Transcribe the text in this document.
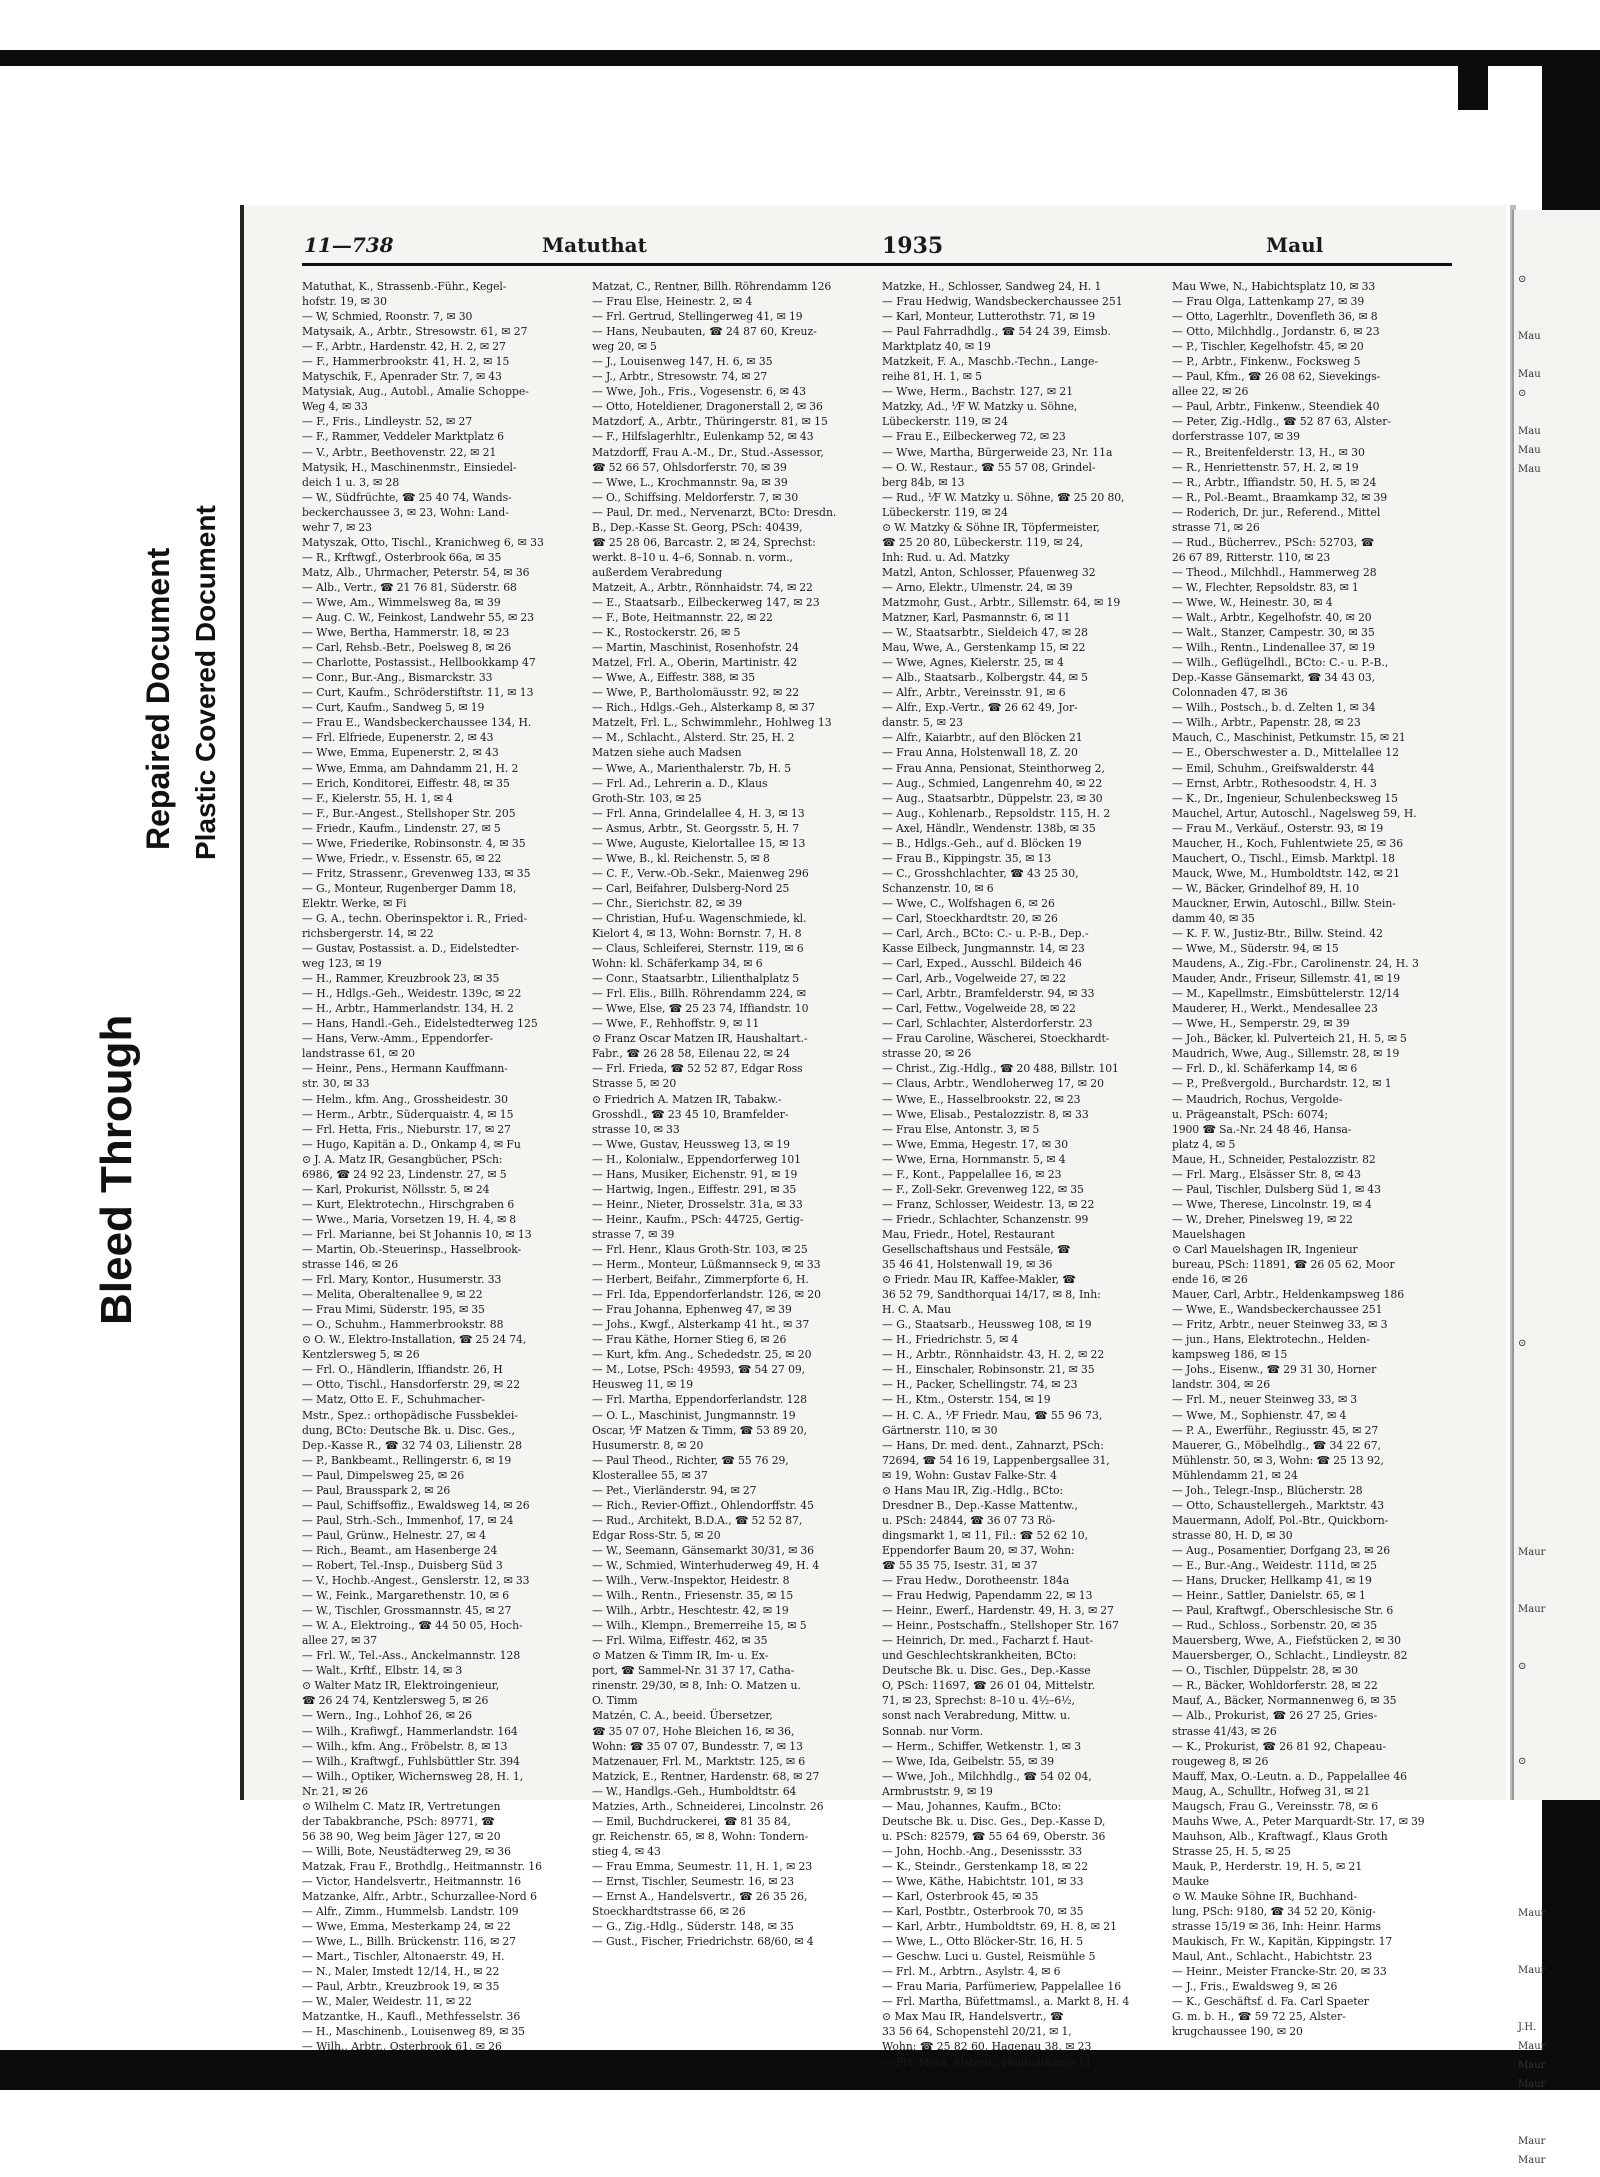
Bleed Through
Repaired Document Plastic Covered Document
11—738	Matuthat	1935	Maul
Matuthat, K., Strassenb.-Führ., Kegel-
hofstr. 19, ✉ 30
— W, Schmied, Roonstr. 7, ✉ 30
Matysaik, A., Arbtr., Stresowstr. 61, ✉ 27
— F., Arbtr., Hardenstr. 42, H. 2, ✉ 27
— F., Hammerbrookstr. 41, H. 2, ✉ 15
Matyschik, F., Apenrader Str. 7, ✉ 43
Matysiak, Aug., Autobl., Amalie Schoppe-
Weg 4, ✉ 33
— F., Fris., Lindleystr. 52, ✉ 27
— F., Rammer, Veddeler Marktplatz 6
— V., Arbtr., Beethovenstr. 22, ✉ 21
Matysik, H., Maschinenmstr., Einsiedel-
deich 1 u. 3, ✉ 28
— W., Südfrüchte, ☎ 25 40 74, Wands-
beckerchaussee 3, ✉ 23, Wohn: Land-
wehr 7, ✉ 23
Matyszak, Otto, Tischl., Kranichweg 6, ✉ 33
— R., Krftwgf., Osterbrook 66a, ✉ 35
Matz, Alb., Uhrmacher, Peterstr. 54, ✉ 36
— Alb., Vertr., ☎ 21 76 81, Süderstr. 68
— Wwe, Am., Wimmelsweg 8a, ✉ 39
— Aug. C. W., Feinkost, Landwehr 55, ✉ 23
— Wwe, Bertha, Hammerstr. 18, ✉ 23
— Carl, Rehsb.-Betr., Poelsweg 8, ✉ 26
— Charlotte, Postassist., Hellbookkamp 47
— Conr., Bur.-Ang., Bismarckstr. 33
— Curt, Kaufm., Schröderstiftstr. 11, ✉ 13
— Curt, Kaufm., Sandweg 5, ✉ 19
— Frau E., Wandsbeckerchaussee 134, H.
— Frl. Elfriede, Eupenerstr. 2, ✉ 43
— Wwe, Emma, Eupenerstr. 2, ✉ 43
— Wwe, Emma, am Dahndamm 21, H. 2
— Erich, Konditorei, Eiffestr. 48, ✉ 35
— F., Kielerstr. 55, H. 1, ✉ 4
— F., Bur.-Angest., Stellshoper Str. 205
— Friedr., Kaufm., Lindenstr. 27, ✉ 5
— Wwe, Friederike, Robinsonstr. 4, ✉ 35
— Wwe, Friedr., v. Essenstr. 65, ✉ 22
— Fritz, Strassenr., Grevenweg 133, ✉ 35
— G., Monteur, Rugenberger Damm 18,
Elektr. Werke, ✉ Fi
— G. A., techn. Oberinspektor i. R., Fried-
richsbergerstr. 14, ✉ 22
— Gustav, Postassist. a. D., Eidelstedter-
weg 123, ✉ 19
— H., Rammer, Kreuzbrook 23, ✉ 35
— H., Hdlgs.-Geh., Weidestr. 139c, ✉ 22
— H., Arbtr., Hammerlandstr. 134, H. 2
— Hans, Handl.-Geh., Eidelstedterweg 125
— Hans, Verw.-Amm., Eppendorfer-
landstrasse 61, ✉ 20
— Heinr., Pens., Hermann Kauffmann-
str. 30, ✉ 33
— Helm., kfm. Ang., Grossheidestr. 30
— Herm., Arbtr., Süderquaistr. 4, ✉ 15
— Frl. Hetta, Fris., Nieburstr. 17, ✉ 27
— Hugo, Kapitän a. D., Onkamp 4, ✉ Fu
⊙ J. A. Matz IR, Gesangbücher, PSch:
6986, ☎ 24 92 23, Lindenstr. 27, ✉ 5
— Karl, Prokurist, Nöllsstr. 5, ✉ 24
— Kurt, Elektrotechn., Hirschgraben 6
— Wwe., Maria, Vorsetzen 19, H. 4, ✉ 8
— Frl. Marianne, bei St Johannis 10, ✉ 13
— Martin, Ob.-Steuerinsp., Hasselbrook-
strasse 146, ✉ 26
— Frl. Mary, Kontor., Husumerstr. 33
— Melita, Oberaltenallee 9, ✉ 22
— Frau Mimi, Süderstr. 195, ✉ 35
— O., Schuhm., Hammerbrookstr. 88
⊙ O. W., Elektro-Installation, ☎ 25 24 74,
Kentzlersweg 5, ✉ 26
— Frl. O., Händlerin, Iffiandstr. 26, H
— Otto, Tischl., Hansdorferstr. 29, ✉ 22
— Matz, Otto E. F., Schuhmacher-
Mstr., Spez.: orthopädische Fussbeklei-
dung, BCto: Deutsche Bk. u. Disc. Ges.,
Dep.-Kasse R., ☎ 32 74 03, Lilienstr. 28
— P., Bankbeamt., Rellingerstr. 6, ✉ 19
— Paul, Dimpelsweg 25, ✉ 26
— Paul, Brausspark 2, ✉ 26
— Paul, Schiffsoffiz., Ewaldsweg 14, ✉ 26
— Paul, Strh.-Sch., Immenhof, 17, ✉ 24
— Paul, Grünw., Helnestr. 27, ✉ 4
— Rich., Beamt., am Hasenberge 24
— Robert, Tel.-Insp., Duisberg Süd 3
— V., Hochb.-Angest., Genslerstr. 12, ✉ 33
— W., Feink., Margarethenstr. 10, ✉ 6
— W., Tischler, Grossmannstr. 45, ✉ 27
— W. A., Elektroing., ☎ 44 50 05, Hoch-
allee 27, ✉ 37
— Frl. W., Tel.-Ass., Anckelmannstr. 128
— Walt., Krftf., Elbstr. 14, ✉ 3
⊙ Walter Matz IR, Elektroingenieur,
☎ 26 24 74, Kentzlersweg 5, ✉ 26
— Wern., Ing., Lohhof 26, ✉ 26
— Wilh., Krafiwgf., Hammerlandstr. 164
— Wilh., kfm. Ang., Fröbelstr. 8, ✉ 13
— Wilh., Kraftwgf., Fuhlsbüttler Str. 394
— Wilh., Optiker, Wichernsweg 28, H. 1,
Nr. 21, ✉ 26
⊙ Wilhelm C. Matz IR, Vertretungen
der Tabakbranche, PSch: 89771, ☎
56 38 90, Weg beim Jäger 127, ✉ 20
— Willi, Bote, Neustädterweg 29, ✉ 36
Matzak, Frau F., Brothdlg., Heitmannstr. 16
— Victor, Handelsvertr., Heitmannstr. 16
Matzanke, Alfr., Arbtr., Schurzallee-Nord 6
— Alfr., Zimm., Hummelsb. Landstr. 109
— Wwe, Emma, Mesterkamp 24, ✉ 22
— Wwe, L., Billh. Brückenstr. 116, ✉ 27
— Mart., Tischler, Altonaerstr. 49, H.
— N., Maler, Imstedt 12/14, H., ✉ 22
— Paul, Arbtr., Kreuzbrook 19, ✉ 35
— W., Maler, Weidestr. 11, ✉ 22
Matzantke, H., Kaufl., Methfesselstr. 36
— H., Maschinenb., Louisenweg 89, ✉ 35
— Wilh., Arbtr., Osterbrook 61, ✉ 26
Matzat, C., Rentner, Billh. Röhrendamm 126
— Frau Else, Heinestr. 2, ✉ 4
— Frl. Gertrud, Stellingerweg 41, ✉ 19
— Hans, Neubauten, ☎ 24 87 60, Kreuz-
weg 20, ✉ 5
— J., Louisenweg 147, H. 6, ✉ 35
— J., Arbtr., Stresowstr. 74, ✉ 27
— Wwe, Joh., Fris., Vogesenstr. 6, ✉ 43
— Otto, Hoteldiener, Dragonerstall 2, ✉ 36
Matzdorf, A., Arbtr., Thüringerstr. 81, ✉ 15
— F., Hilfslagerhltr., Eulenkamp 52, ✉ 43
Matzdorff, Frau A.-M., Dr., Stud.-Assessor,
☎ 52 66 57, Ohlsdorferstr. 70, ✉ 39
— Wwe, L., Krochmannstr. 9a, ✉ 39
— O., Schiffsing. Meldorferstr. 7, ✉ 30
— Paul, Dr. med., Nervenarzt, BCto: Dresdn.
B., Dep.-Kasse St. Georg, PSch: 40439,
☎ 25 28 06, Barcastr. 2, ✉ 24, Sprechst:
werkt. 8–10 u. 4–6, Sonnab. n. vorm.,
außerdem Verabredung
Matzeit, A., Arbtr., Rönnhaidstr. 74, ✉ 22
— E., Staatsarb., Eilbeckerweg 147, ✉ 23
— F., Bote, Heitmannstr. 22, ✉ 22
— K., Rostockerstr. 26, ✉ 5
— Martin, Maschinist, Rosenhofstr. 24
Matzel, Frl. A., Oberin, Martinistr. 42
— Wwe, A., Eiffestr. 388, ✉ 35
— Wwe, P., Bartholomäusstr. 92, ✉ 22
— Rich., Hdlgs.-Geh., Alsterkamp 8, ✉ 37
Matzelt, Frl. L., Schwimmlehr., Hohlweg 13
— M., Schlacht., Alsterd. Str. 25, H. 2
Matzen siehe auch Madsen
— Wwe, A., Marienthalerstr. 7b, H. 5
— Frl. Ad., Lehrerin a. D., Klaus
Groth-Str. 103, ✉ 25
— Frl. Anna, Grindelallee 4, H. 3, ✉ 13
— Asmus, Arbtr., St. Georgsstr. 5, H. 7
— Wwe, Auguste, Kielortallee 15, ✉ 13
— Wwe, B., kl. Reichenstr. 5, ✉ 8
— C. F., Verw.-Ob.-Sekr., Maienweg 296
— Carl, Beifahrer, Dulsberg-Nord 25
— Chr., Sierichstr. 82, ✉ 39
— Christian, Huf-u. Wagenschmiede, kl.
Kielort 4, ✉ 13, Wohn: Bornstr. 7, H. 8
— Claus, Schleiferei, Sternstr. 119, ✉ 6
Wohn: kl. Schäferkamp 34, ✉ 6
— Conr., Staatsarbtr., Lilienthalplatz 5
— Frl. Elis., Billh. Röhrendamm 224, ✉
— Wwe, Else, ☎ 25 23 74, Iffiandstr. 10
— Wwe, F., Rehhoffstr. 9, ✉ 11
⊙ Franz Oscar Matzen IR, Haushaltart.-
Fabr., ☎ 26 28 58, Eilenau 22, ✉ 24
— Frl. Frieda, ☎ 52 52 87, Edgar Ross
Strasse 5, ✉ 20
⊙ Friedrich A. Matzen IR, Tabakw.-
Grosshdl., ☎ 23 45 10, Bramfelder-
strasse 10, ✉ 33
— Wwe, Gustav, Heussweg 13, ✉ 19
— H., Kolonialw., Eppendorferweg 101
— Hans, Musiker, Eichenstr. 91, ✉ 19
— Hartwig, Ingen., Eiffestr. 291, ✉ 35
— Heinr., Nieter, Drosselstr. 31a, ✉ 33
— Heinr., Kaufm., PSch: 44725, Gertig-
strasse 7, ✉ 39
— Frl. Henr., Klaus Groth-Str. 103, ✉ 25
— Herm., Monteur, Lüßmannseck 9, ✉ 33
— Herbert, Beifahr., Zimmerpforte 6, H.
— Frl. Ida, Eppendorferlandstr. 126, ✉ 20
— Frau Johanna, Ephenweg 47, ✉ 39
— Johs., Kwgf., Alsterkamp 41 ht., ✉ 37
— Frau Käthe, Horner Stieg 6, ✉ 26
— Kurt, kfm. Ang., Schededstr. 25, ✉ 20
— M., Lotse, PSch: 49593, ☎ 54 27 09,
Heusweg 11, ✉ 19
— Frl. Martha, Eppendorferlandstr. 128
— O. L., Maschinist, Jungmannstr. 19
Oscar, ⅟F Matzen & Timm, ☎ 53 89 20,
Husumerstr. 8, ✉ 20
— Paul Theod., Richter, ☎ 55 76 29,
Klosterallee 55, ✉ 37
— Pet., Vierländerstr. 94, ✉ 27
— Rich., Revier-Offizt., Ohlendorffstr. 45
— Rud., Architekt, B.D.A., ☎ 52 52 87,
Edgar Ross-Str. 5, ✉ 20
— W., Seemann, Gänsemarkt 30/31, ✉ 36
— W., Schmied, Winterhuderweg 49, H. 4
— Wilh., Verw.-Inspektor, Heidestr. 8
— Wilh., Rentn., Friesenstr. 35, ✉ 15
— Wilh., Arbtr., Heschtestr. 42, ✉ 19
— Wilh., Klempn., Bremerreihe 15, ✉ 5
— Frl. Wilma, Eiffestr. 462, ✉ 35
⊙ Matzen & Timm IR, Im- u. Ex-
port, ☎ Sammel-Nr. 31 37 17, Catha-
rinenstr. 29/30, ✉ 8, Inh: O. Matzen u.
O. Timm
Matzén, C. A., beeid. Übersetzer,
☎ 35 07 07, Hohe Bleichen 16, ✉ 36,
Wohn: ☎ 35 07 07, Bundesstr. 7, ✉ 13
Matzenauer, Frl. M., Marktstr. 125, ✉ 6
Matzick, E., Rentner, Hardenstr. 68, ✉ 27
— W., Handlgs.-Geh., Humboldtstr. 64
Matzies, Arth., Schneiderei, Lincolnstr. 26
— Emil, Buchdruckerei, ☎ 81 35 84,
gr. Reichenstr. 65, ✉ 8, Wohn: Tondern-
stieg 4, ✉ 43
— Frau Emma, Seumestr. 11, H. 1, ✉ 23
— Ernst, Tischler, Seumestr. 16, ✉ 23
— Ernst A., Handelsvertr., ☎ 26 35 26,
Stoeckhardtstrasse 66, ✉ 26
— G., Zig.-Hdlg., Süderstr. 148, ✉ 35
— Gust., Fischer, Friedrichstr. 68/60, ✉ 4
Matzke, H., Schlosser, Sandweg 24, H. 1
— Frau Hedwig, Wandsbeckerchaussee 251
— Karl, Monteur, Lutterothstr. 71, ✉ 19
— Paul Fahrradhdlg., ☎ 54 24 39, Eimsb.
Marktplatz 40, ✉ 19
Matzkeit, F. A., Maschb.-Techn., Lange-
reihe 81, H. 1, ✉ 5
— Wwe, Herm., Bachstr. 127, ✉ 21
Matzky, Ad., ⅟F W. Matzky u. Söhne,
Lübeckerstr. 119, ✉ 24
— Frau E., Eilbeckerweg 72, ✉ 23
— Wwe, Martha, Bürgerweide 23, Nr. 11a
— O. W., Restaur., ☎ 55 57 08, Grindel-
berg 84b, ✉ 13
— Rud., ⅟F W. Matzky u. Söhne, ☎ 25 20 80,
Lübeckerstr. 119, ✉ 24
⊙ W. Matzky & Söhne IR, Töpfermeister,
☎ 25 20 80, Lübeckerstr. 119, ✉ 24,
Inh: Rud. u. Ad. Matzky
Matzl, Anton, Schlosser, Pfauenweg 32
— Arno, Elektr., Ulmenstr. 24, ✉ 39
Matzmohr, Gust., Arbtr., Sillemstr. 64, ✉ 19
Matzner, Karl, Pasmannstr. 6, ✉ 11
— W., Staatsarbtr., Sieldeich 47, ✉ 28
Mau, Wwe, A., Gerstenkamp 15, ✉ 22
— Wwe, Agnes, Kielerstr. 25, ✉ 4
— Alb., Staatsarb., Kolbergstr. 44, ✉ 5
— Alfr., Arbtr., Vereinsstr. 91, ✉ 6
— Alfr., Exp.-Vertr., ☎ 26 62 49, Jor-
danstr. 5, ✉ 23
— Alfr., Kaiarbtr., auf den Blöcken 21
— Frau Anna, Holstenwall 18, Z. 20
— Frau Anna, Pensionat, Steinthorweg 2,
— Aug., Schmied, Langenrehm 40, ✉ 22
— Aug., Staatsarbtr., Düppelstr. 23, ✉ 30
— Aug., Kohlenarb., Repsoldstr. 115, H. 2
— Axel, Händlr., Wendenstr. 138b, ✉ 35
— B., Hdlgs.-Geh., auf d. Blöcken 19
— Frau B., Kippingstr. 35, ✉ 13
— C., Grosshchlachter, ☎ 43 25 30,
Schanzenstr. 10, ✉ 6
— Wwe, C., Wolfshagen 6, ✉ 26
— Carl, Stoeckhardtstr. 20, ✉ 26
— Carl, Arch., BCto: C.- u. P.-B., Dep.-
Kasse Eilbeck, Jungmannstr. 14, ✉ 23
— Carl, Exped., Ausschl. Bildeich 46
— Carl, Arb., Vogelweide 27, ✉ 22
— Carl, Arbtr., Bramfelderstr. 94, ✉ 33
— Carl, Fettw., Vogelweide 28, ✉ 22
— Carl, Schlachter, Alsterdorferstr. 23
— Frau Caroline, Wäscherei, Stoeckhardt-
strasse 20, ✉ 26
— Christ., Zig.-Hdlg., ☎ 20 488, Billstr. 101
— Claus, Arbtr., Wendloherweg 17, ✉ 20
— Wwe, E., Hasselbrookstr. 22, ✉ 23
— Wwe, Elisab., Pestalozzistr. 8, ✉ 33
— Frau Else, Antonstr. 3, ✉ 5
— Wwe, Emma, Hegestr. 17, ✉ 30
— Wwe, Erna, Hornmanstr. 5, ✉ 4
— F., Kont., Pappelallee 16, ✉ 23
— F., Zoll-Sekr. Grevenweg 122, ✉ 35
— Franz, Schlosser, Weidestr. 13, ✉ 22
— Friedr., Schlachter, Schanzenstr. 99
Mau, Friedr., Hotel, Restaurant
Gesellschaftshaus und Festsäle, ☎
35 46 41, Holstenwall 19, ✉ 36
⊙ Friedr. Mau IR, Kaffee-Makler, ☎
36 52 79, Sandthorquai 14/17, ✉ 8, Inh:
H. C. A. Mau
— G., Staatsarb., Heussweg 108, ✉ 19
— H., Friedrichstr. 5, ✉ 4
— H., Arbtr., Rönnhaidstr. 43, H. 2, ✉ 22
— H., Einschaler, Robinsonstr. 21, ✉ 35
— H., Packer, Schellingstr. 74, ✉ 23
— H., Ktm., Osterstr. 154, ✉ 19
— H. C. A., ⅟F Friedr. Mau, ☎ 55 96 73,
Gärtnerstr. 110, ✉ 30
— Hans, Dr. med. dent., Zahnarzt, PSch:
72694, ☎ 54 16 19, Lappenbergsallee 31,
✉ 19, Wohn: Gustav Falke-Str. 4
⊙ Hans Mau IR, Zig.-Hdlg., BCto:
Dresdner B., Dep.-Kasse Mattentw.,
u. PSch: 24844, ☎ 36 07 73 Rö-
dingsmarkt 1, ✉ 11, Fil.: ☎ 52 62 10,
Eppendorfer Baum 20, ✉ 37, Wohn:
☎ 55 35 75, Isestr. 31, ✉ 37
— Frau Hedw., Dorotheenstr. 184a
— Frau Hedwig, Papendamm 22, ✉ 13
— Heinr., Ewerf., Hardenstr. 49, H. 3, ✉ 27
— Heinr., Postschaffn., Stellshoper Str. 167
— Heinrich, Dr. med., Facharzt f. Haut-
und Geschlechtskrankheiten, BCto:
Deutsche Bk. u. Disc. Ges., Dep.-Kasse
O, PSch: 11697, ☎ 26 01 04, Mittelstr.
71, ✉ 23, Sprechst: 8–10 u. 4½–6½,
sonst nach Verabredung, Mittw. u.
Sonnab. nur Vorm.
— Herm., Schiffer, Wetkenstr. 1, ✉ 3
— Wwe, Ida, Geibelstr. 55, ✉ 39
— Wwe, Joh., Milchhdlg., ☎ 54 02 04,
Armbruststr. 9, ✉ 19
— Mau, Johannes, Kaufm., BCto:
Deutsche Bk. u. Disc. Ges., Dep.-Kasse D,
u. PSch: 82579, ☎ 55 64 69, Oberstr. 36
— John, Hochb.-Ang., Desenissstr. 33
— K., Steindr., Gerstenkamp 18, ✉ 22
— Wwe, Käthe, Habichtstr. 101, ✉ 33
— Karl, Osterbrook 45, ✉ 35
— Karl, Postbtr., Osterbrook 70, ✉ 35
— Karl, Arbtr., Humboldtstr. 69, H. 8, ✉ 21
— Wwe, L., Otto Blöcker-Str. 16, H. 5
— Geschw. Luci u. Gustel, Reismühle 5
— Frl. M., Arbtrn., Asylstr. 4, ✉ 6
— Frau Maria, Parfümeriew, Pappelallee 16
— Frl. Martha, Büfettmamsl., a. Markt 8, H. 4
⊙ Max Mau IR, Handelsvertr., ☎
33 56 64, Schopenstehl 20/21, ✉ 1,
Wohn: ☎ 25 82 60, Hagenau 38, ✉ 23
— Frl. Meta, Alsterd., Heilholtkamp 11
Mau Wwe, N., Habichtsplatz 10, ✉ 33
— Frau Olga, Lattenkamp 27, ✉ 39
— Otto, Lagerhltr., Dovenfleth 36, ✉ 8
— Otto, Milchhdlg., Jordanstr. 6, ✉ 23
— P., Tischler, Kegelhofstr. 45, ✉ 20
— P., Arbtr., Finkenw., Focksweg 5
— Paul, Kfm., ☎ 26 08 62, Sievekings-
allee 22, ✉ 26
— Paul, Arbtr., Finkenw., Steendiek 40
— Peter, Zig.-Hdlg., ☎ 52 87 63, Alster-
dorferstrasse 107, ✉ 39
— R., Breitenfelderstr. 13, H., ✉ 30
— R., Henriettenstr. 57, H. 2, ✉ 19
— R., Arbtr., Iffiandstr. 50, H. 5, ✉ 24
— R., Pol.-Beamt., Braamkamp 32, ✉ 39
— Roderich, Dr. jur., Referend., Mittel
strasse 71, ✉ 26
— Rud., Bücherrev., PSch: 52703, ☎
26 67 89, Ritterstr. 110, ✉ 23
— Theod., Milchhdl., Hammerweg 28
— W., Flechter, Repsoldstr. 83, ✉ 1
— Wwe, W., Heinestr. 30, ✉ 4
— Walt., Arbtr., Kegelhofstr. 40, ✉ 20
— Walt., Stanzer, Campestr. 30, ✉ 35
— Wilh., Rentn., Lindenallee 37, ✉ 19
— Wilh., Geflügelhdl., BCto: C.- u. P.-B.,
Dep.-Kasse Gänsemarkt, ☎ 34 43 03,
Colonnaden 47, ✉ 36
— Wilh., Postsch., b. d. Zelten 1, ✉ 34
— Wilh., Arbtr., Papenstr. 28, ✉ 23
Mauch, C., Maschinist, Petkumstr. 15, ✉ 21
— E., Oberschwester a. D., Mittelallee 12
— Emil, Schuhm., Greifswalderstr. 44
— Ernst, Arbtr., Rothesoodstr. 4, H. 3
— K., Dr., Ingenieur, Schulenbecksweg 15
Mauchel, Artur, Autoschl., Nagelsweg 59, H.
— Frau M., Verkäuf., Osterstr. 93, ✉ 19
Maucher, H., Koch, Fuhlentwiete 25, ✉ 36
Mauchert, O., Tischl., Eimsb. Marktpl. 18
Mauck, Wwe, M., Humboldtstr. 142, ✉ 21
— W., Bäcker, Grindelhof 89, H. 10
Mauckner, Erwin, Autoschl., Billw. Stein-
damm 40, ✉ 35
— K. F. W., Justiz-Btr., Billw. Steind. 42
— Wwe, M., Süderstr. 94, ✉ 15
Maudens, A., Zig.-Fbr., Carolinenstr. 24, H. 3
Mauder, Andr., Friseur, Sillemstr. 41, ✉ 19
— M., Kapellmstr., Eimsbüttelerstr. 12/14
Mauderer, H., Werkt., Mendesallee 23
— Wwe, H., Semperstr. 29, ✉ 39
— Joh., Bäcker, kl. Pulverteich 21, H. 5, ✉ 5
Maudrich, Wwe, Aug., Sillemstr. 28, ✉ 19
— Frl. D., kl. Schäferkamp 14, ✉ 6
— P., Preßvergold., Burchardstr. 12, ✉ 1
— Maudrich, Rochus, Vergolde-
u. Prägeanstalt, PSch: 6074;
1900 ☎ Sa.-Nr. 24 48 46, Hansa-
platz 4, ✉ 5
Maue, H., Schneider, Pestalozzistr. 82
— Frl. Marg., Elsässer Str. 8, ✉ 43
— Paul, Tischler, Dulsberg Süd 1, ✉ 43
— Wwe, Therese, Lincolnstr. 19, ✉ 4
— W., Dreher, Pinelsweg 19, ✉ 22
Mauelshagen
⊙ Carl Mauelshagen IR, Ingenieur
bureau, PSch: 11891, ☎ 26 05 62, Moor
ende 16, ✉ 26
Mauer, Carl, Arbtr., Heldenkampsweg 186
— Wwe, E., Wandsbeckerchaussee 251
— Fritz, Arbtr., neuer Steinweg 33, ✉ 3
— jun., Hans, Elektrotechn., Helden-
kampsweg 186, ✉ 15
— Johs., Eisenw., ☎ 29 31 30, Horner
landstr. 304, ✉ 26
— Frl. M., neuer Steinweg 33, ✉ 3
— Wwe, M., Sophienstr. 47, ✉ 4
— P. A., Ewerführ., Regiusstr. 45, ✉ 27
Mauerer, G., Möbelhdlg., ☎ 34 22 67,
Mühlenstr. 50, ✉ 3, Wohn: ☎ 25 13 92,
Mühlendamm 21, ✉ 24
— Joh., Telegr.-Insp., Blücherstr. 28
— Otto, Schaustellergeh., Marktstr. 43
Mauermann, Adolf, Pol.-Btr., Quickborn-
strasse 80, H. D, ✉ 30
— Aug., Posamentier, Dorfgang 23, ✉ 26
— E., Bur.-Ang., Weidestr. 111d, ✉ 25
— Hans, Drucker, Hellkamp 41, ✉ 19
— Heinr., Sattler, Danielstr. 65, ✉ 1
— Paul, Kraftwgf., Oberschlesische Str. 6
— Rud., Schloss., Sorbenstr. 20, ✉ 35
Mauersberg, Wwe, A., Fiefstücken 2, ✉ 30
Mauersberger, O., Schlacht., Lindleystr. 82
— O., Tischler, Düppelstr. 28, ✉ 30
— R., Bäcker, Wohldorferstr. 28, ✉ 22
Mauf, A., Bäcker, Normannenweg 6, ✉ 35
— Alb., Prokurist, ☎ 26 27 25, Gries-
strasse 41/43, ✉ 26
— K., Prokurist, ☎ 26 81 92, Chapeau-
rougeweg 8, ✉ 26
Mauff, Max, O.-Leutn. a. D., Pappelallee 46
Maug, A., Schulltr., Hofweg 31, ✉ 21
Maugsch, Frau G., Vereinsstr. 78, ✉ 6
Mauhs Wwe, A., Peter Marquardt-Str. 17, ✉ 39
Mauhson, Alb., Kraftwagf., Klaus Groth
Strasse 25, H. 5, ✉ 25
Mauk, P., Herderstr. 19, H. 5, ✉ 21
Mauke
⊙ W. Mauke Söhne IR, Buchhand-
lung, PSch: 9180, ☎ 34 52 20, König-
strasse 15/19 ✉ 36, Inh: Heinr. Harms
Maukisch, Fr. W., Kapitän, Kippingstr. 17
Maul, Ant., Schlacht., Habichtstr. 23
— Heinr., Meister Francke-Str. 20, ✉ 33
— J., Fris., Ewaldsweg 9, ✉ 26
— K., Geschäftsf. d. Fa. Carl Spaeter
G. m. b. H., ☎ 59 72 25, Alster-
krugchaussee 190, ✉ 20
⊙

Mau

Mau
⊙

Mau
Mau
Mau

⊙

Maur

Maur

⊙

⊙

Maur

Maur

J.H.
Maur
Maur
Maur

Maur
Maur
